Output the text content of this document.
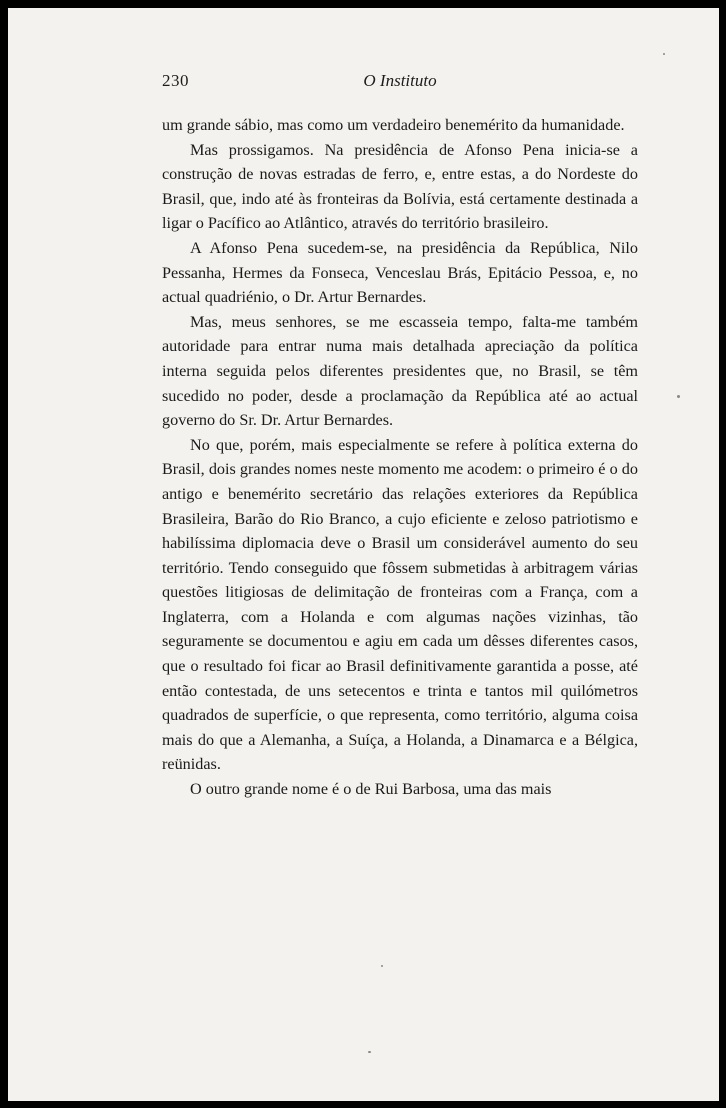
230	O Instituto

um grande sábio, mas como um verdadeiro benemérito da humanidade.

Mas prossigamos. Na presidência de Afonso Pena inicia-se a construção de novas estradas de ferro, e, entre estas, a do Nordeste do Brasil, que, indo até às fronteiras da Bolívia, está certamente destinada a ligar o Pacífico ao Atlântico, através do território brasileiro.

A Afonso Pena sucedem-se, na presidência da República, Nilo Pessanha, Hermes da Fonseca, Venceslau Brás, Epitácio Pessoa, e, no actual quadriénio, o Dr. Artur Bernardes.

Mas, meus senhores, se me escasseia tempo, falta-me também autoridade para entrar numa mais detalhada apreciação da política interna seguida pelos diferentes presidentes que, no Brasil, se têm sucedido no poder, desde a proclamação da República até ao actual governo do Sr. Dr. Artur Bernardes.

No que, porém, mais especialmente se refere à política externa do Brasil, dois grandes nomes neste momento me acodem: o primeiro é o do antigo e benemérito secretário das relações exteriores da República Brasileira, Barão do Rio Branco, a cujo eficiente e zeloso patriotismo e habilíssima diplomacia deve o Brasil um considerável aumento do seu território. Tendo conseguido que fôssem submetidas à arbitragem várias questões litigiosas de delimitação de fronteiras com a França, com a Inglaterra, com a Holanda e com algumas nações vizinhas, tão seguramente se documentou e agiu em cada um dêsses diferentes casos, que o resultado foi ficar ao Brasil definitivamente garantida a posse, até então contestada, de uns setecentos e trinta e tantos mil quilómetros quadrados de superfície, o que representa, como território, alguma coisa mais do que a Alemanha, a Suíça, a Holanda, a Dinamarca e a Bélgica, reünidas.

O outro grande nome é o de Rui Barbosa, uma das mais
